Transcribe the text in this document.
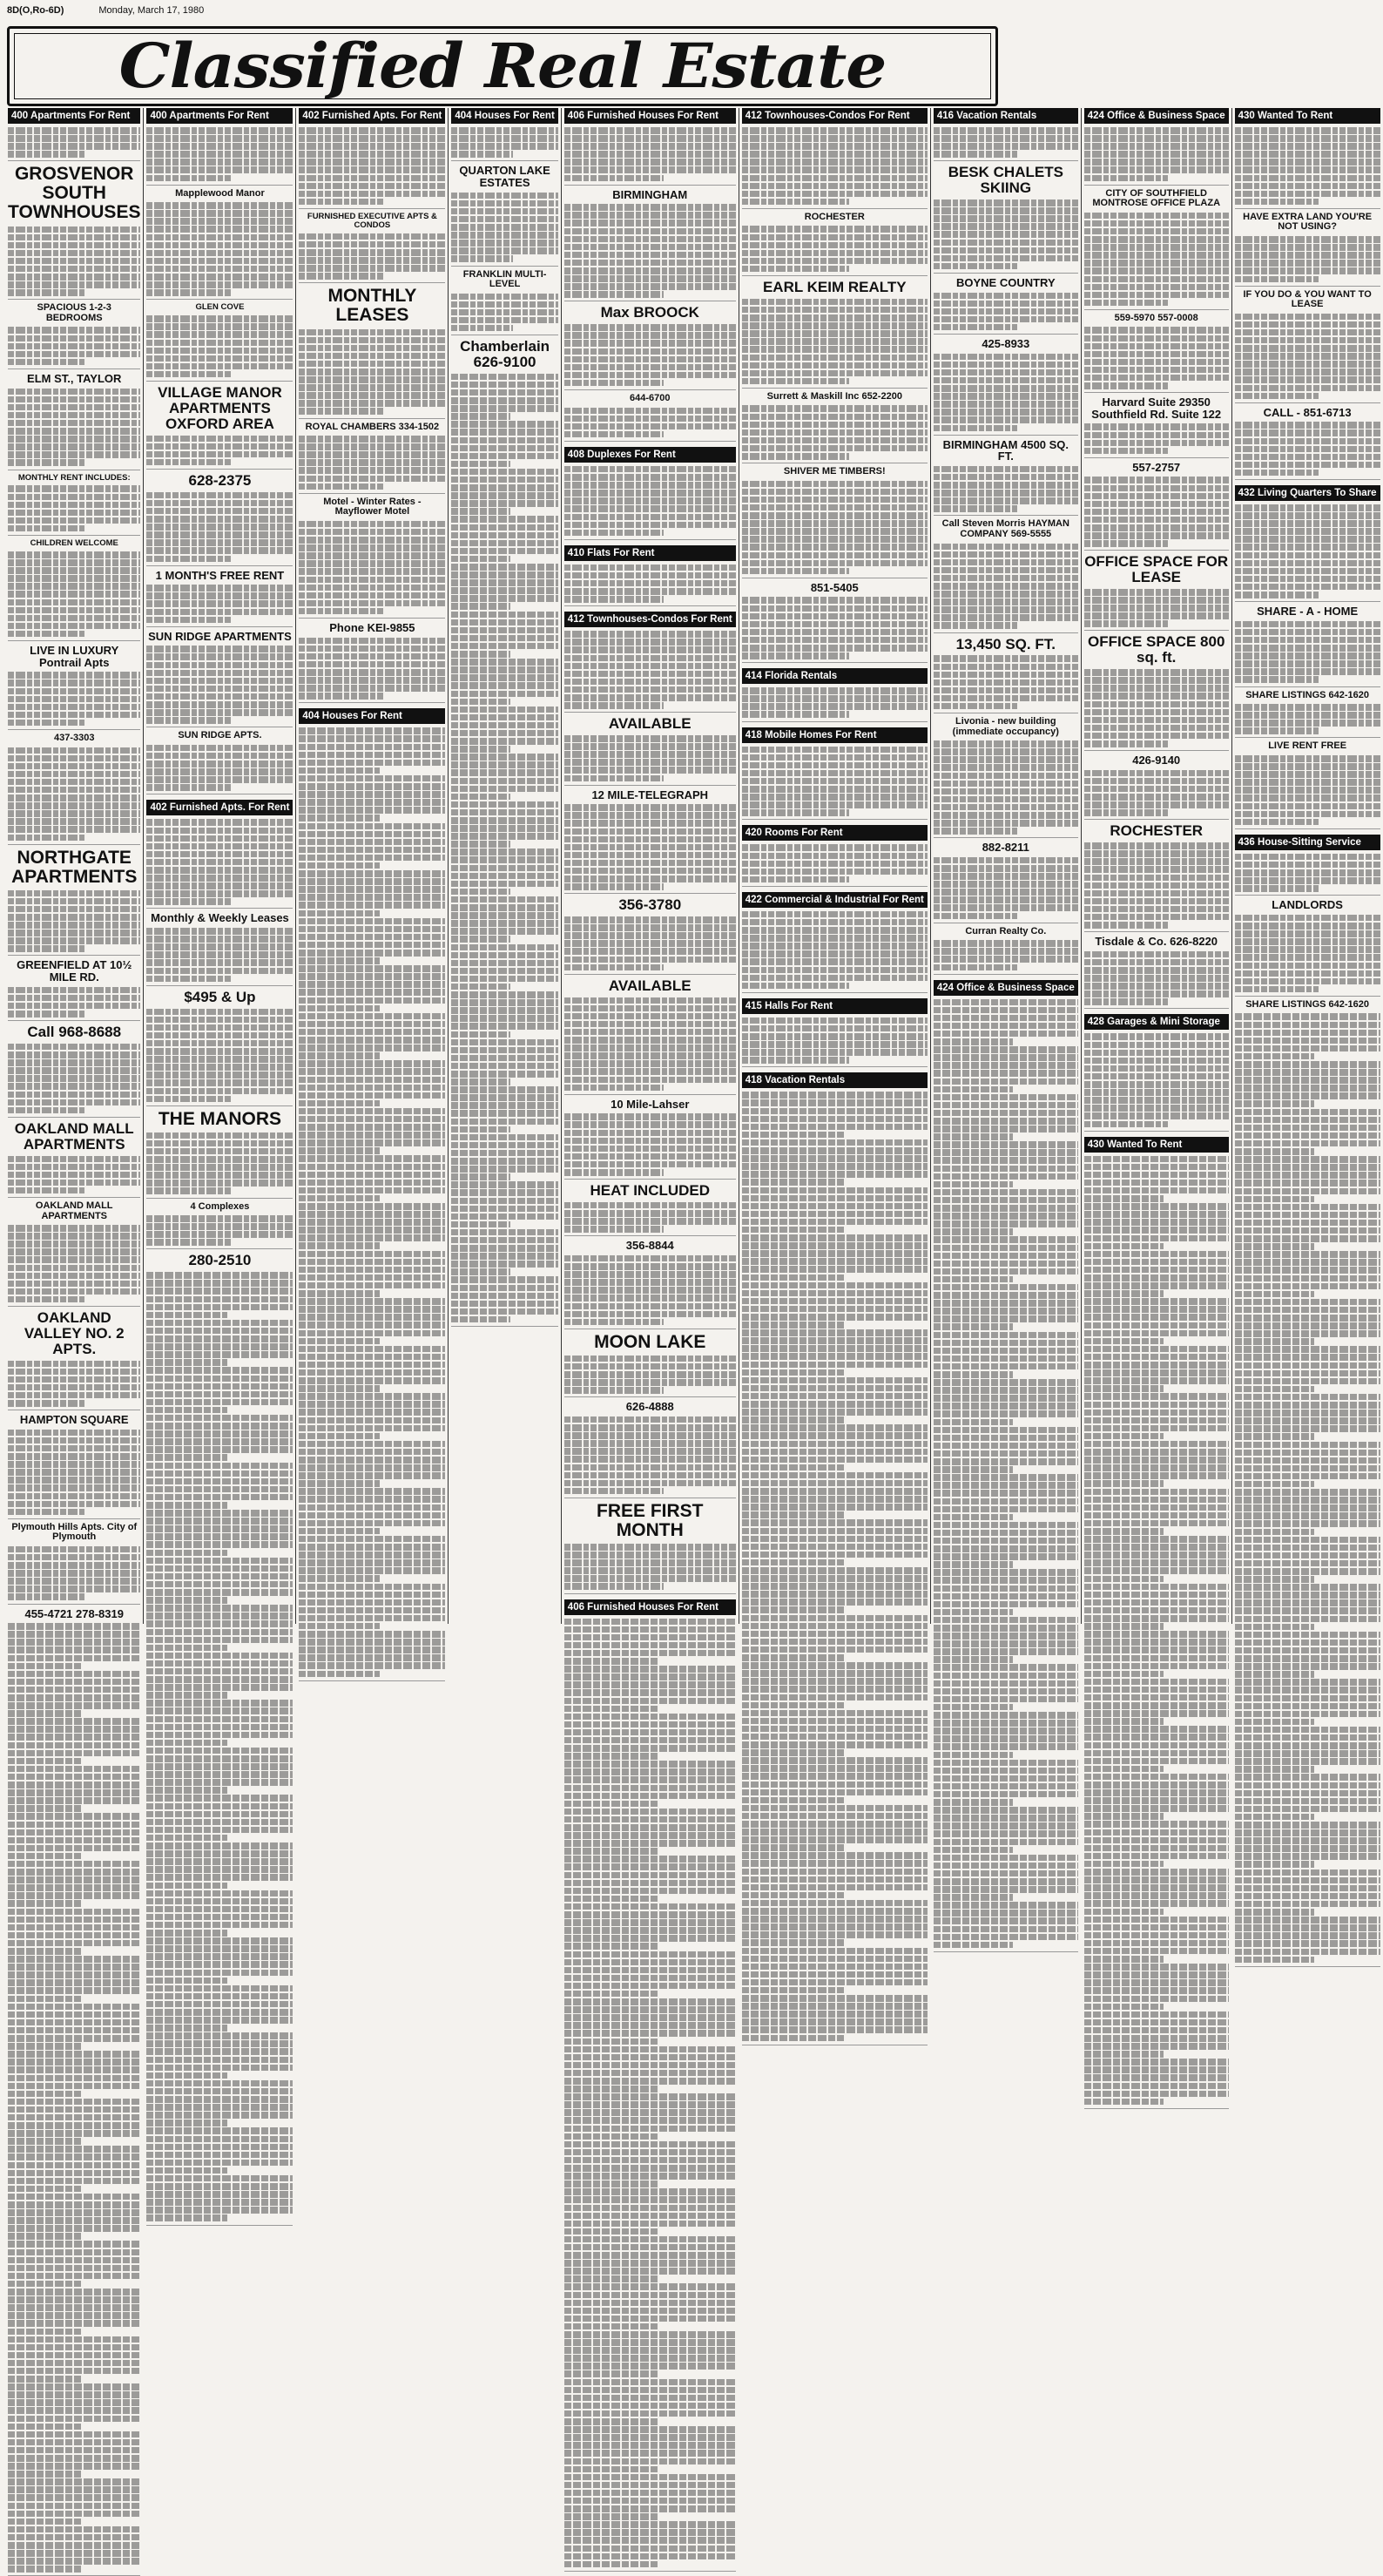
8D(O,Ro-6D)	Monday, March 17, 1980
Classified Real Estate
400 Apartments For Rent
GROSVENOR SOUTH TOWNHOUSES
SPACIOUS 1-2-3 BEDROOMS
ELM ST., TAYLOR
MONTHLY RENT INCLUDES:
CHILDREN WELCOME
LIVE IN LUXURY Pontrail Apts
437-3303
NORTHGATE APARTMENTS
GREENFIELD AT 10½ MILE RD.
Call 968-8688
OAKLAND MALL APARTMENTS
OAKLAND MALL APARTMENTS
OAKLAND VALLEY NO. 2 APTS.
HAMPTON SQUARE
Plymouth Hills Apts. City of Plymouth
455-4721 278-8319
400 Apartments For Rent
Mapplewood Manor
GLEN COVE
VILLAGE MANOR APARTMENTS OXFORD AREA
628-2375
1 MONTH'S FREE RENT
SUN RIDGE APARTMENTS
SUN RIDGE APTS.
402 Furnished Apts. For Rent
Monthly & Weekly Leases
$495 & Up
THE MANORS
4 Complexes
280-2510
402 Furnished Apts. For Rent
FURNISHED EXECUTIVE APTS & CONDOS
MONTHLY LEASES
ROYAL CHAMBERS 334-1502
Motel - Winter Rates - Mayflower Motel
Phone KEI-9855
404 Houses For Rent
404 Houses For Rent
QUARTON LAKE ESTATES
FRANKLIN MULTI-LEVEL
Chamberlain 626-9100
406 Furnished Houses For Rent
BIRMINGHAM
Max BROOCK
644-6700
408 Duplexes For Rent
410 Flats For Rent
412 Townhouses-Condos For Rent
AVAILABLE
12 MILE-TELEGRAPH
356-3780
AVAILABLE
10 Mile-Lahser
HEAT INCLUDED
356-8844
MOON LAKE
626-4888
FREE FIRST MONTH
406 Furnished Houses For Rent
412 Townhouses-Condos For Rent
ROCHESTER
EARL KEIM REALTY
Surrett & Maskill Inc 652-2200
SHIVER ME TIMBERS!
851-5405
414 Florida Rentals
418 Mobile Homes For Rent
420 Rooms For Rent
422 Commercial & Industrial For Rent
415 Halls For Rent
418 Vacation Rentals
416 Vacation Rentals
BESK CHALETS SKIING
BOYNE COUNTRY
425-8933
BIRMINGHAM 4500 SQ. FT.
Call Steven Morris HAYMAN COMPANY 569-5555
13,450 SQ. FT.
Livonia - new building (immediate occupancy)
882-8211
Curran Realty Co.
424 Office & Business Space
424 Office & Business Space
CITY OF SOUTHFIELD MONTROSE OFFICE PLAZA
559-5970 557-0008
Harvard Suite 29350 Southfield Rd. Suite 122
557-2757
OFFICE SPACE FOR LEASE
OFFICE SPACE 800 sq. ft.
426-9140
ROCHESTER
Tisdale & Co. 626-8220
428 Garages & Mini Storage
430 Wanted To Rent
430 Wanted To Rent
HAVE EXTRA LAND YOU'RE NOT USING?
IF YOU DO & YOU WANT TO LEASE
CALL - 851-6713
432 Living Quarters To Share
SHARE - A - HOME
SHARE LISTINGS 642-1620
LIVE RENT FREE
436 House-Sitting Service
LANDLORDS
SHARE LISTINGS 642-1620
